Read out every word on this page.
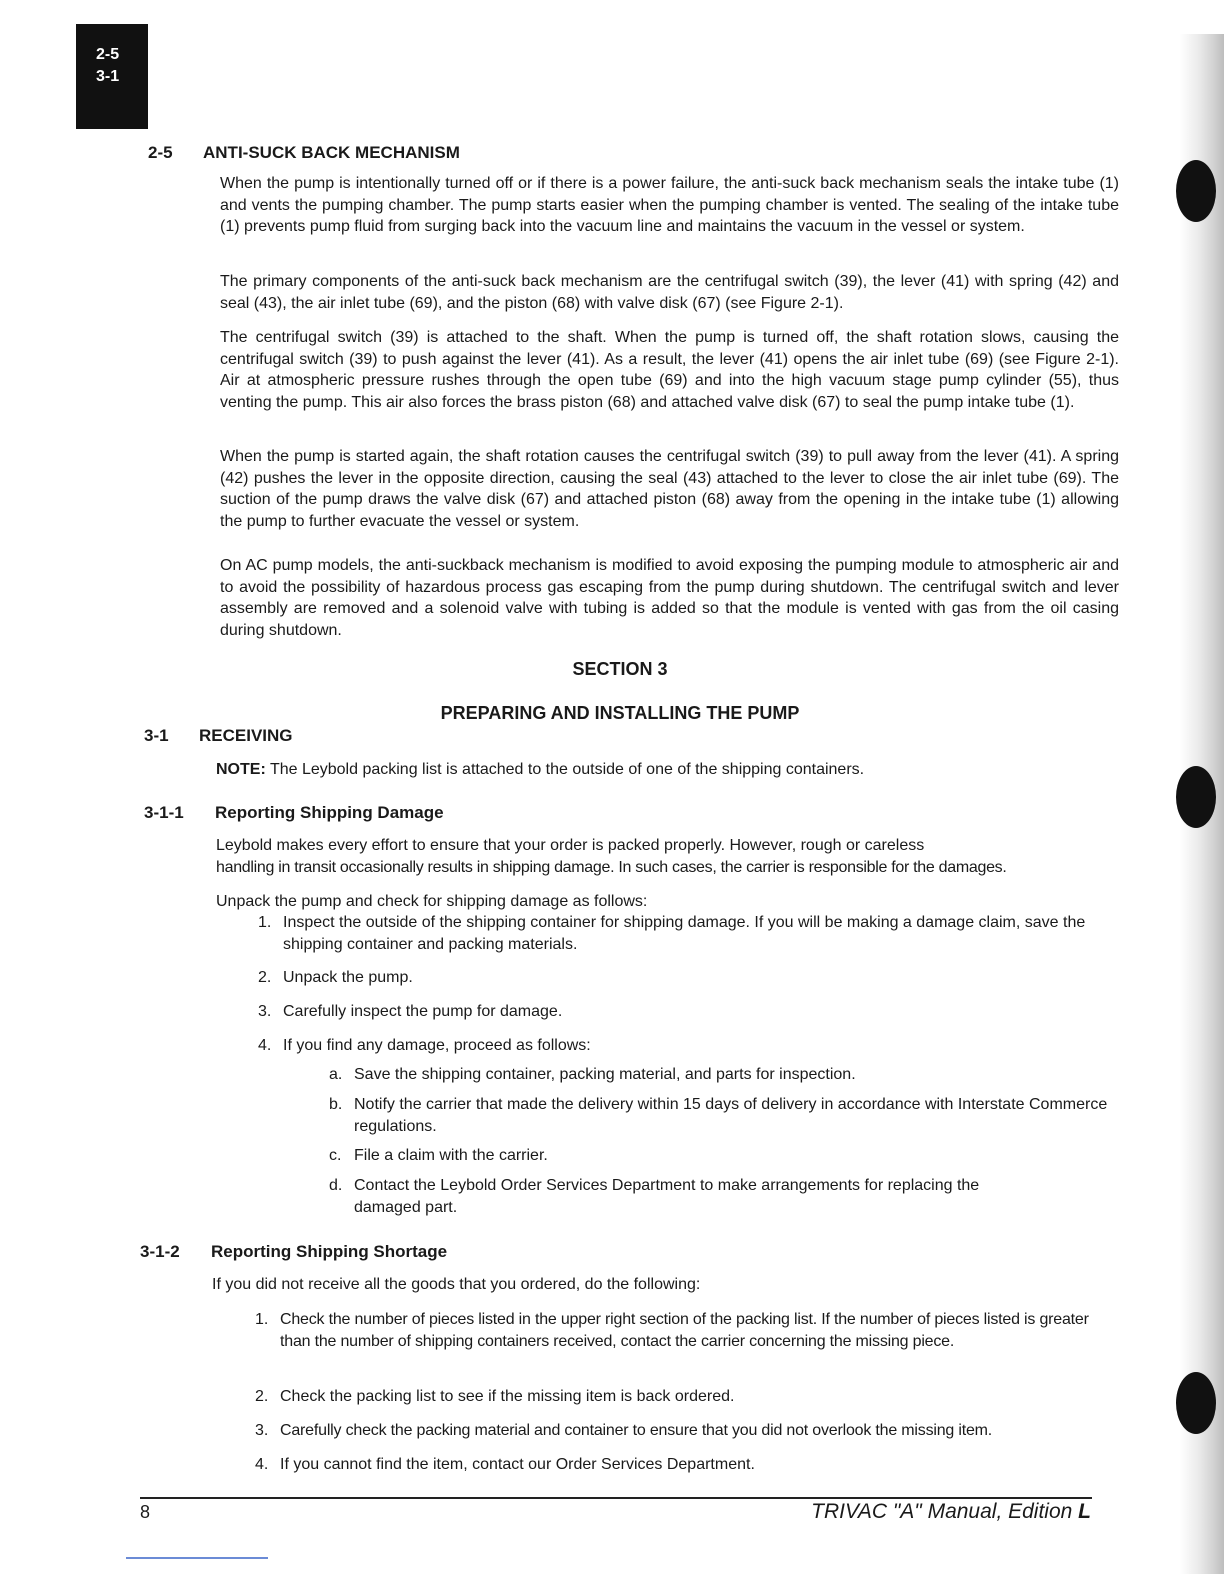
2-5
3-1
2-5 ANTI-SUCK BACK MECHANISM

When the pump is intentionally turned off or if there is a power failure, the anti-suck back mechanism seals the intake tube (1) and vents the pumping chamber. The pump starts easier when the pumping chamber is vented. The sealing of the intake tube (1) prevents pump fluid from surging back into the vacuum line and maintains the vacuum in the vessel or system.

The primary components of the anti-suck back mechanism are the centrifugal switch (39), the lever (41) with spring (42) and seal (43), the air inlet tube (69), and the piston (68) with valve disk (67) (see Figure 2-1).

The centrifugal switch (39) is attached to the shaft. When the pump is turned off, the shaft rotation slows, causing the centrifugal switch (39) to push against the lever (41). As a result, the lever (41) opens the air inlet tube (69) (see Figure 2-1). Air at atmospheric pressure rushes through the open tube (69) and into the high vacuum stage pump cylinder (55), thus venting the pump. This air also forces the brass piston (68) and attached valve disk (67) to seal the pump intake tube (1).

When the pump is started again, the shaft rotation causes the centrifugal switch (39) to pull away from the lever (41). A spring (42) pushes the lever in the opposite direction, causing the seal (43) attached to the lever to close the air inlet tube (69). The suction of the pump draws the valve disk (67) and attached piston (68) away from the opening in the intake tube (1) allowing the pump to further evacuate the vessel or system.

On AC pump models, the anti-suckback mechanism is modified to avoid exposing the pumping module to atmospheric air and to avoid the possibility of hazardous process gas escaping from the pump during shutdown. The centrifugal switch and lever assembly are removed and a solenoid valve with tubing is added so that the module is vented with gas from the oil casing during shutdown.

SECTION 3
PREPARING AND INSTALLING THE PUMP
3-1 RECEIVING

NOTE: The Leybold packing list is attached to the outside of one of the shipping containers.

3-1-1 Reporting Shipping Damage

Leybold makes every effort to ensure that your order is packed properly. However, rough or careless

handling in transit occasionally results in shipping damage. In such cases, the carrier is responsible for the damages.

Unpack the pump and check for shipping damage as follows:

1. Inspect the outside of the shipping container for shipping damage. If you will be making a damage claim, save the shipping container and packing materials.
2. Unpack the pump.
3. Carefully inspect the pump for damage.
4. If you find any damage, proceed as follows:
a. Save the shipping container, packing material, and parts for inspection.
b. Notify the carrier that made the delivery within 15 days of delivery in accordance with Interstate Commerce regulations.
c. File a claim with the carrier.
d. Contact the Leybold Order Services Department to make arrangements for replacing the damaged part.
3-1-2 Reporting Shipping Shortage

If you did not receive all the goods that you ordered, do the following:

1. Check the number of pieces listed in the upper right section of the packing list. If the number of pieces listed is greater than the number of shipping containers received, contact the carrier concerning the missing piece.
2. Check the packing list to see if the missing item is back ordered.
3. Carefully check the packing material and container to ensure that you did not overlook the missing item.
4. If you cannot find the item, contact our Order Services Department.
8	TRIVAC "A" Manual, Edition L
